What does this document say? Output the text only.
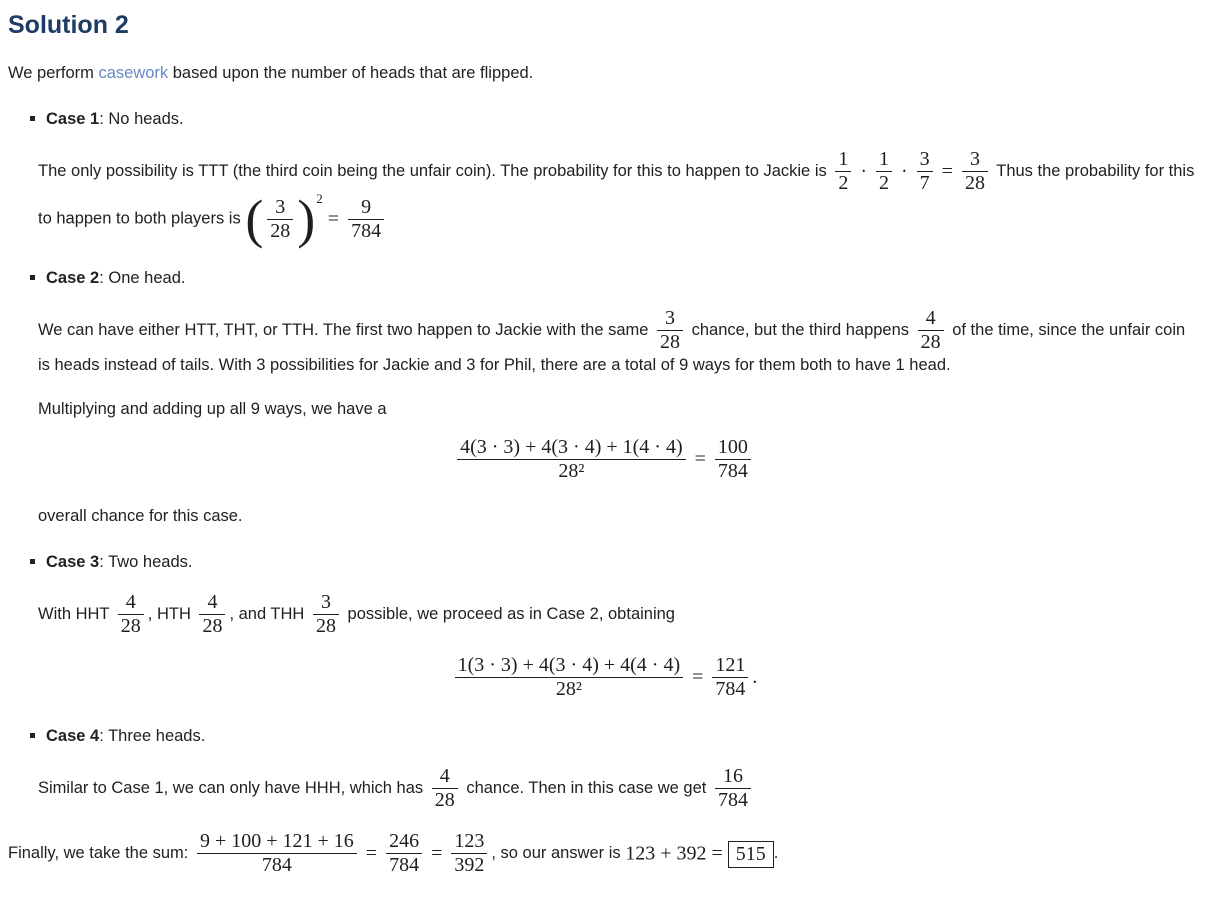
Solution 2

We perform casework based upon the number of heads that are flipped.

Case 1: No heads.
The only possibility is TTT (the third coin being the unfair coin). The probability for this to happen to Jackie is $\frac{1}{2} \cdot \frac{1}{2} \cdot \frac{3}{7} = \frac{3}{28}$ Thus the probability for this to happen to both players is ( $\frac{3}{28} )^2 = \frac{9}{784}$
Case 2: One head.
We can have either HTT, THT, or TTH. The first two happen to Jackie with the same $\frac{3}{28}$ chance, but the third happens $\frac{4}{28}$ of the time, since the unfair coin is heads instead of tails. With 3 possibilities for Jackie and 3 for Phil, there are a total of 9 ways for them both to have 1 head.
Multiplying and adding up all 9 ways, we have a
$\frac{4(3 \cdot 3) + 4(3 \cdot 4) + 1(4 \cdot 4)}{\text{28²}} = \frac{100}{784}$
overall chance for this case.
Case 3: Two heads.
With HHT $\frac{4}{28}$ , HTH $\frac{4}{28}$ , and THH $\frac{3}{28}$ possible, we proceed as in Case 2, obtaining
$\frac{1(3 \cdot 3) + 4(3 \cdot 4) + 4(4 \cdot 4)}{\text{28²}} = \frac{121}{784}$ .
Case 4: Three heads.
Similar to Case 1, we can only have HHH, which has $\frac{4}{28}$ chance. Then in this case we get $\frac{16}{784}$

Finally, we take the sum: $\frac{9 + 100 + 121 + 16}{784} = \frac{246}{784} = \frac{123}{392}$ , so our answer is 123 + 392 = 515 .
